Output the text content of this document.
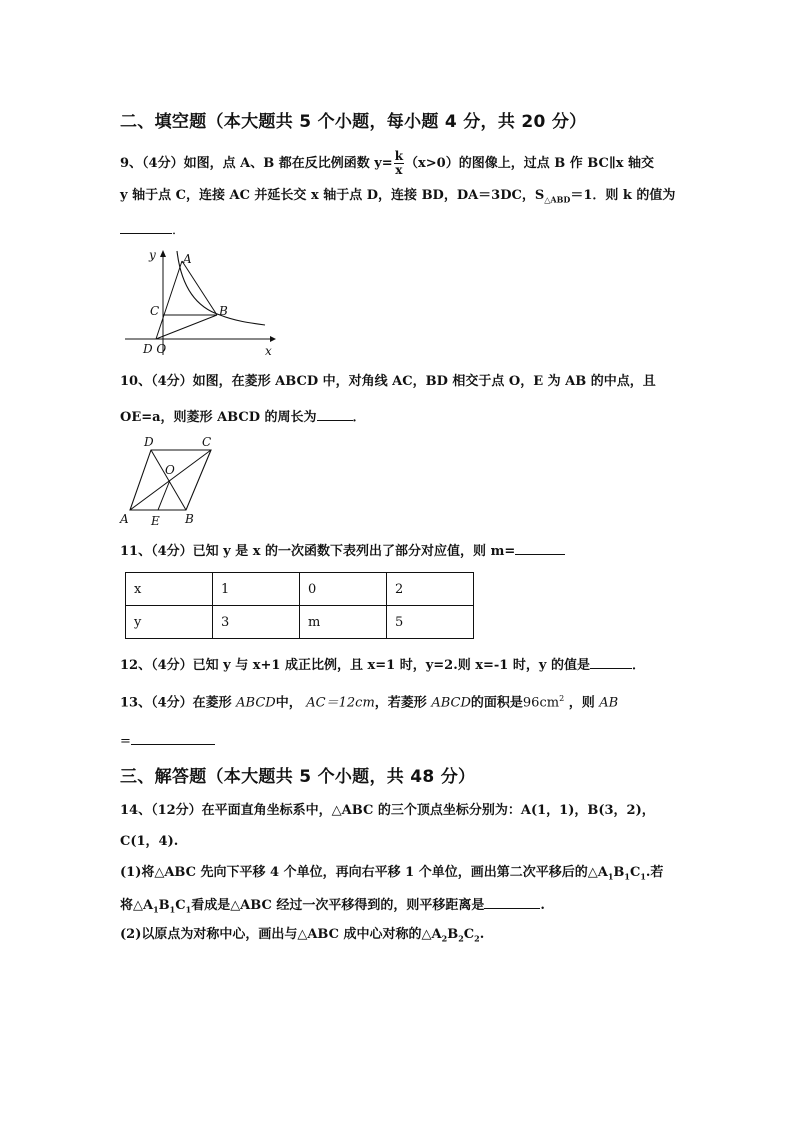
二、填空题（本大题共 5 个小题，每小题 4 分，共 20 分）
9、（4分）如图，点 A、B 都在反比例函数 $y= \frac{k}{x} (x>0)$的图像上，过点 B 作 BC∥x 轴交
y 轴于点 C，连接 AC 并延长交 x 轴于点 D，连接 BD，DA＝3DC，$S_{\triangle ABD}=1$．则 k 的值为
．
y A
C	B
D O	x
10、（4分）如图，在菱形 ABCD 中，对角线 AC，BD 相交于点 O，E 为 AB 的中点，且
OE=a，则菱形 ABCD 的周长为	．
D	C
O
A E B
11、（4分）已知 y 是 x 的一次函数下表列出了部分对应值，则 m=
x	1	0	2
y	3	m	5
12、（4分）已知 y 与 x+1 成正比例，且 x=1 时，y=2.则 x=-1 时，y 的值是	．
13、（4分）在菱形 ABCD中， AC＝12cm，若菱形 ABCD的面积是$96cm^2$ ，则 AB
=
三、解答题（本大题共 5 个小题，共 48 分）
14、（12分）在平面直角坐标系中，△ABC 的三个顶点坐标分别为：A(1，1)，B(3，2)，
C(1，4).
(1)将△ABC 先向下平移 4 个单位，再向右平移 1 个单位，画出第二次平移后的$\triangle A_1B_1C_1$.若
将$\triangle A_1B_1C_1$看成是△ABC 经过一次平移得到的，则平移距离是	.
(2)以原点为对称中心，画出与△ABC 成中心对称的$\triangle A_2B_2C_2$.
